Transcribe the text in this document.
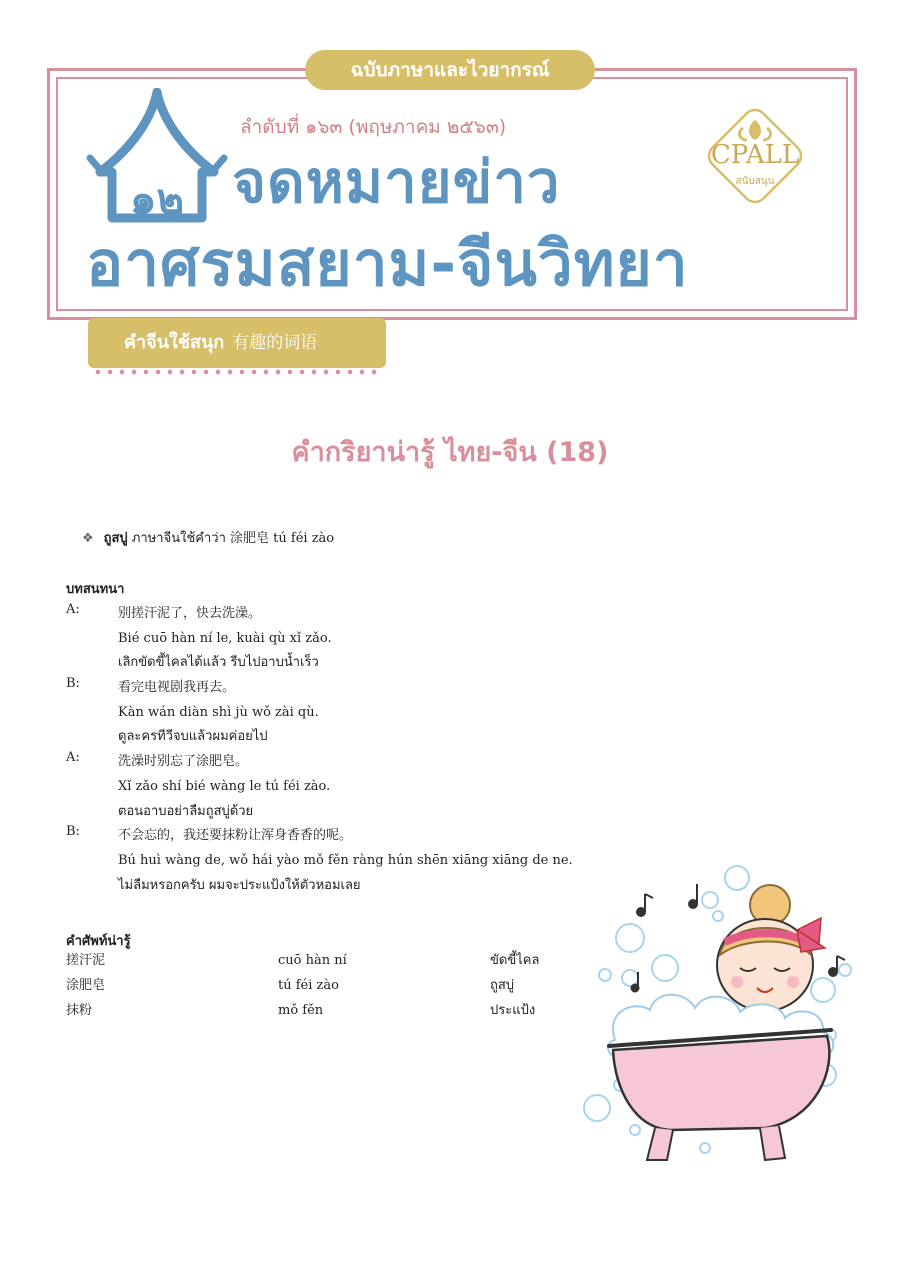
๑๒
ฉบับภาษาและไวยากรณ์
ลำดับที่ ๑๖๓ (พฤษภาคม ๒๕๖๓)
จดหมายข่าว
อาศรมสยาม-จีนวิทยา
CPALL
สนับสนุน
คำจีนใช้สนุก 有趣的词语
คำกริยาน่ารู้ ไทย-จีน (18)
❖ ถูสบู่ ภาษาจีนใช้คำว่า 涂肥皂 tú féi zào
บทสนทนา
A:	别搓汗泥了，快去洗澡。
Bié cuō hàn ní le, kuài qù xǐ zǎo.
เลิกขัดขี้ไคลได้แล้ว รีบไปอาบน้ำเร็ว
B:	看完电视剧我再去。
Kàn wán diàn shì jù wǒ zài qù.
ดูละครทีวีจบแล้วผมค่อยไป
A:	洗澡时别忘了涂肥皂。
Xǐ zǎo shí bié wàng le tú féi zào.
ตอนอาบอย่าลืมถูสบู่ด้วย
B:	不会忘的，我还要抹粉让浑身香香的呢。
Bú huì wàng de, wǒ hái yào mǒ fěn ràng hún shēn xiāng xiāng de ne.
ไม่ลืมหรอกครับ ผมจะประแป้งให้ตัวหอมเลย
คำศัพท์น่ารู้
搓汗泥	cuō hàn ní	ขัดขี้ไคล
涂肥皂	tú féi zào	ถูสบู่
抹粉	mǒ fěn	ประแป้ง
